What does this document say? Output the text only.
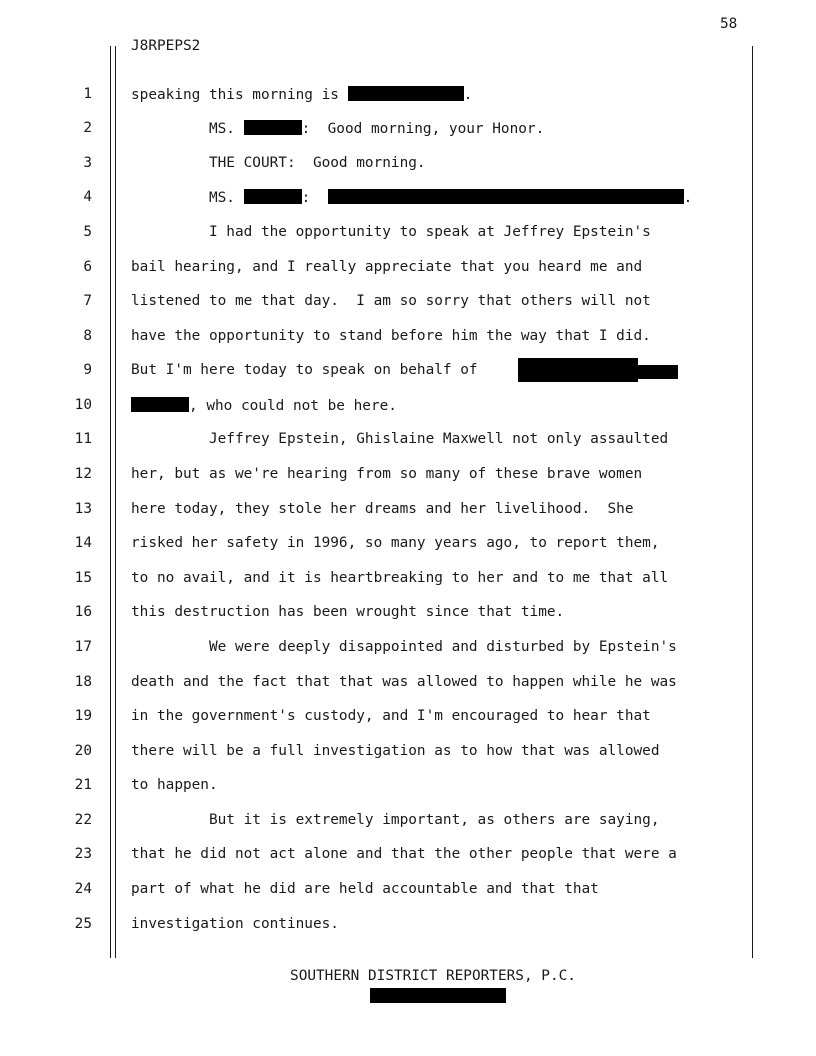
58
J8RPEPS2
1	speaking this morning is	.
2	MS.	:  Good morning, your Honor.
3	THE COURT:  Good morning.
4	MS.	:	.
5	I had the opportunity to speak at Jeffrey Epstein's
6	bail hearing, and I really appreciate that you heard me and
7	listened to me that day.  I am so sorry that others will not
8	have the opportunity to stand before him the way that I did.
9	But I'm here today to speak on behalf of
10	, who could not be here.
11	Jeffrey Epstein, Ghislaine Maxwell not only assaulted
12	her, but as we're hearing from so many of these brave women
13	here today, they stole her dreams and her livelihood.  She
14	risked her safety in 1996, so many years ago, to report them,
15	to no avail, and it is heartbreaking to her and to me that all
16	this destruction has been wrought since that time.
17	We were deeply disappointed and disturbed by Epstein's
18	death and the fact that that was allowed to happen while he was
19	in the government's custody, and I'm encouraged to hear that
20	there will be a full investigation as to how that was allowed
21	to happen.
22	But it is extremely important, as others are saying,
23	that he did not act alone and that the other people that were a
24	part of what he did are held accountable and that that
25	investigation continues.
SOUTHERN DISTRICT REPORTERS, P.C.
